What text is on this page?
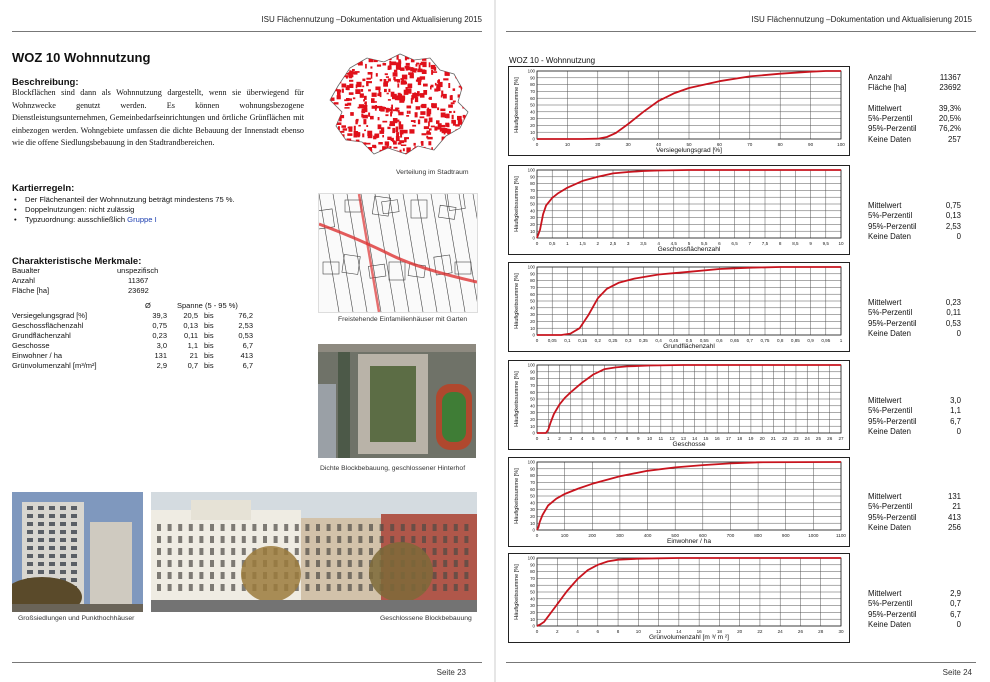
ISU Flächennutzung –Dokumentation und Aktualisierung 2015
WOZ 10 Wohnnutzung
Beschreibung:
Blockflächen sind dann als Wohnnutzung dargestellt, wenn sie überwiegend für Wohnzwecke genutzt werden. Es können wohnungsbezogene Dienstleistungsunternehmen, Gemeinbedarfseinrichtungen und örtliche Grünflächen mit einbezogen werden. Wohngebiete umfassen die dichte Bebauung der Innenstadt ebenso wie die offene Siedlungsbebauung in den Stadtrandbereichen.
Kartierregeln:
• Der Flächenanteil der Wohnnutzung beträgt mindestens 75 %.
• Doppelnutzungen: nicht zulässig
• Typzuordnung: ausschließlich Gruppe I
Charakteristische Merkmale:
Baualter	unspezifisch
Anzahl	11367
Fläche [ha]	23692
Ø	Spanne (5 - 95 %)
Versiegelungsgrad [%]	39,3	20,5 bis	76,2
Geschossflächenzahl	0,75	0,13 bis	2,53
Grundflächenzahl	0,23	0,11 bis	0,53
Geschosse	3,0	1,1 bis	6,7
Einwohner / ha	131	21 bis	413
Grünvolumenzahl [m³/m²]	2,9	0,7 bis	6,7
Verteilung im Stadtraum
Freistehende Einfamilienhäuser mit Garten
Dichte Blockbebauung, geschlossener Hinterhof
Großsiedlungen und Punkthochhäuser	Geschlossene Blockbebauung
Seite 23
ISU Flächennutzung –Dokumentation und Aktualisierung 2015
Seite 24
WOZ 10 - Wohnnutzung
0	10	20	30	40	50	60	70	80	90	100
0
10
20
30
40
50
60
70
80
90
100
Häufigkeitssumme [%]
Versiegelungsgrad [%]
0 0,5 1 1,5 2 2,5 3 3,5 4 4,5 5 5,5 6 6,5 7 7,5 8 8,5 9 9,5 10
0
10
20
30
40
50
60
70
80
90
100
Häufigkeitssumme [%]
Geschossflächenzahl
0 0,05 0,1 0,15 0,2 0,25 0,3 0,35 0,4 0,45 0,5 0,55 0,6 0,65 0,7 0,75 0,8 0,85 0,9 0,95 1
0
10
20
30
40
50
60
70
80
90
100
Häufigkeitssumme [%]
Grundflächenzahl
0 1 2 3 4 5 6 7 8 9 10 11 12 13 14 15 16 17 18 19 20 21 22 23 24 25 26 27
0
10
20
30
40
50
60
70
80
90
100
Häufigkeitssumme [%]
Geschosse
0	100	200	300	400	500	600	700	800	900	1000	1100
0
10
20
30
40
50
60
70
80
90
100
Häufigkeitssumme [%]
Einwohner / ha
0	2	4	6	8	10	12	14	16	18	20	22	24	26	28	30
0
10
20
30
40
50
60
70
80
90
100
Häufigkeitssumme [%]
Grünvolumenzahl [m ³/ m ²]
Anzahl	11367
Fläche [ha]	23692
Mittelwert	39,3%
5%-Perzentil	20,5%
95%-Perzentil	76,2%
Keine Daten	257
Mittelwert	0,75
5%-Perzentil	0,13
95%-Perzentil	2,53
Keine Daten	0
Mittelwert	0,23
5%-Perzentil	0,11
95%-Perzentil	0,53
Keine Daten	0
Mittelwert	3,0
5%-Perzentil	1,1
95%-Perzentil	6,7
Keine Daten	0
Mittelwert	131
5%-Perzentil	21
95%-Perzentil	413
Keine Daten	256
Mittelwert	2,9
5%-Perzentil	0,7
95%-Perzentil	6,7
Keine Daten	0
